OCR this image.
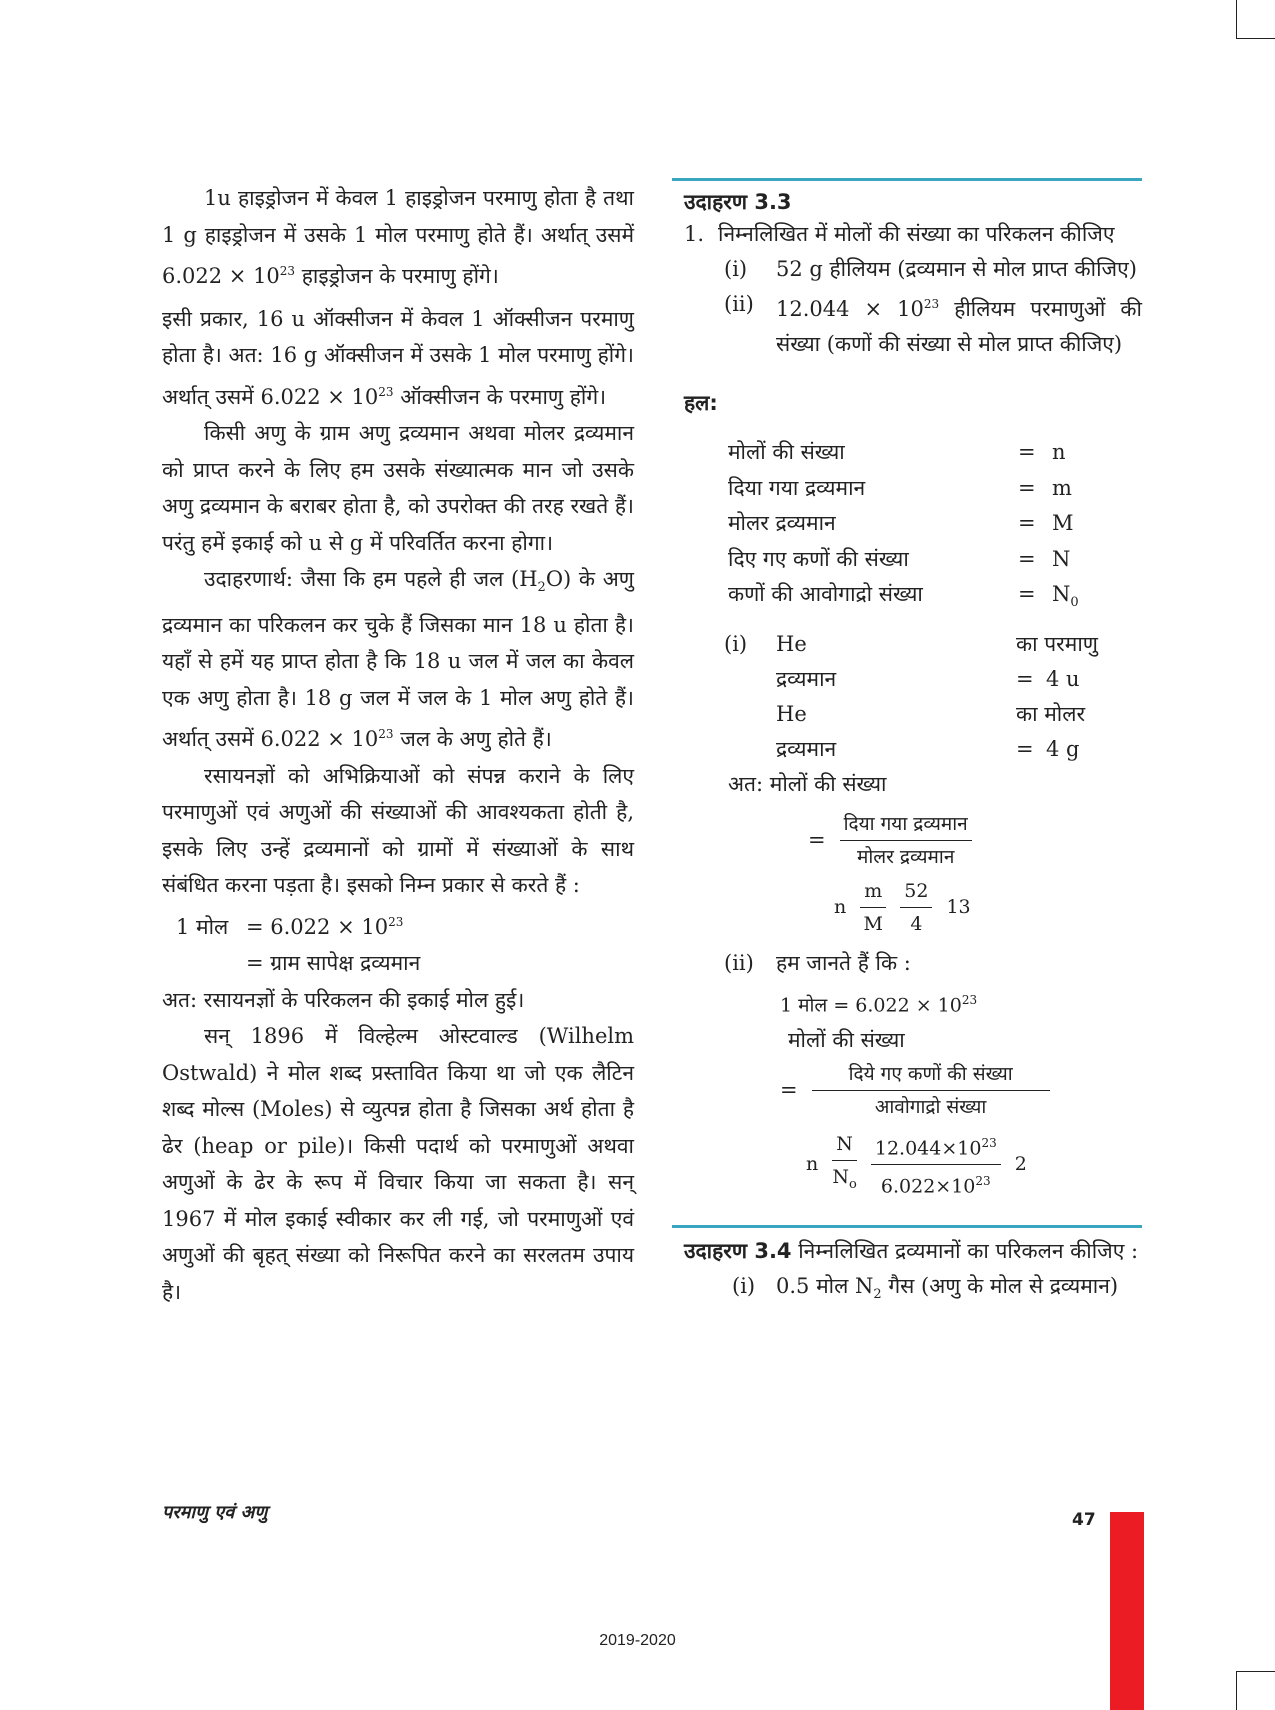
1u हाइड्रोजन में केवल 1 हाइड्रोजन परमाणु होता है तथा 1 g हाइड्रोजन में उसके 1 मोल परमाणु होते हैं। अर्थात् उसमें $6.022 \times 10^{23}$ हाइड्रोजन के परमाणु होंगे।

इसी प्रकार, 16 u ऑक्सीजन में केवल 1 ऑक्सीजन परमाणु होता है। अत: 16 g ऑक्सीजन में उसके 1 मोल परमाणु होंगे। अर्थात् उसमें $6.022 \times 10^{23}$ ऑक्सीजन के परमाणु होंगे।

किसी अणु के ग्राम अणु द्रव्यमान अथवा मोलर द्रव्यमान को प्राप्त करने के लिए हम उसके संख्यात्मक मान जो उसके अणु द्रव्यमान के बराबर होता है, को उपरोक्त की तरह रखते हैं। परंतु हमें इकाई को u से g में परिवर्तित करना होगा।

उदाहरणार्थ: जैसा कि हम पहले ही जल $(H_2O)$ के अणु द्रव्यमान का परिकलन कर चुके हैं जिसका मान 18 u होता है। यहाँ से हमें यह प्राप्त होता है कि 18 u जल में जल का केवल एक अणु होता है। 18 g जल में जल के 1 मोल अणु होते हैं। अर्थात् उसमें $6.022 \times 10^{23}$ जल के अणु होते हैं।

रसायनज्ञों को अभिक्रियाओं को संपन्न कराने के लिए परमाणुओं एवं अणुओं की संख्याओं की आवश्यकता होती है, इसके लिए उन्हें द्रव्यमानों को ग्रामों में संख्याओं के साथ संबंधित करना पड़ता है। इसको निम्न प्रकार से करते हैं :

1 मोल = $6.022 \times 10^{23}$
= ग्राम सापेक्ष द्रव्यमान

अत: रसायनज्ञों के परिकलन की इकाई मोल हुई।

सन् 1896 में विल्हेल्म ओस्टवाल्ड (Wilhelm Ostwald) ने मोल शब्द प्रस्तावित किया था जो एक लैटिन शब्द मोल्स (Moles) से व्युत्पन्न होता है जिसका अर्थ होता है ढेर (heap or pile)। किसी पदार्थ को परमाणुओं अथवा अणुओं के ढेर के रूप में विचार किया जा सकता है। सन् 1967 में मोल इकाई स्वीकार कर ली गई, जो परमाणुओं एवं अणुओं की बृहत् संख्या को निरूपित करने का सरलतम उपाय है।

उदाहरण 3.3
1. निम्नलिखित में मोलों की संख्या का परिकलन कीजिए
(i)	52 g हीलियम (द्रव्यमान से मोल प्राप्त कीजिए)
(ii)	$12.044 \times 10^{23}$ हीलियम परमाणुओं की संख्या (कणों की संख्या से मोल प्राप्त कीजिए)
हल:
मोलों की संख्या	= n
दिया गया द्रव्यमान	= m
मोलर द्रव्यमान	= M
दिए गए कणों की संख्या	= N
कणों की आवोगाद्रो संख्या	= $N_0$
(i)	He	का परमाणु
द्रव्यमान	= 4 u
He	का मोलर
द्रव्यमान	= 4 g
अत: मोलों की संख्या
= $\frac{\text{दिया गया द्रव्यमान}}{\text{मोलर द्रव्यमान}}$
n $\frac{m}{M} \frac{52}{4} 13$
(ii)	हम जानते हैं कि :
1 मोल = $6.022 \times 10^{23}$
मोलों की संख्या
= $\frac{\text{दिये गए कणों की संख्या}}{\text{आवोगाद्रो संख्या}}$
n $\frac{N}{N_o} \frac{12.044\times 10^{23}}{6.022\times 10^{23}} 2$
उदाहरण 3.4 निम्नलिखित द्रव्यमानों का परिकलन कीजिए :
(i) 0.5 मोल $N_2$ गैस (अणु के मोल से द्रव्यमान)
परमाणु एवं अणु	47
2019-2020
